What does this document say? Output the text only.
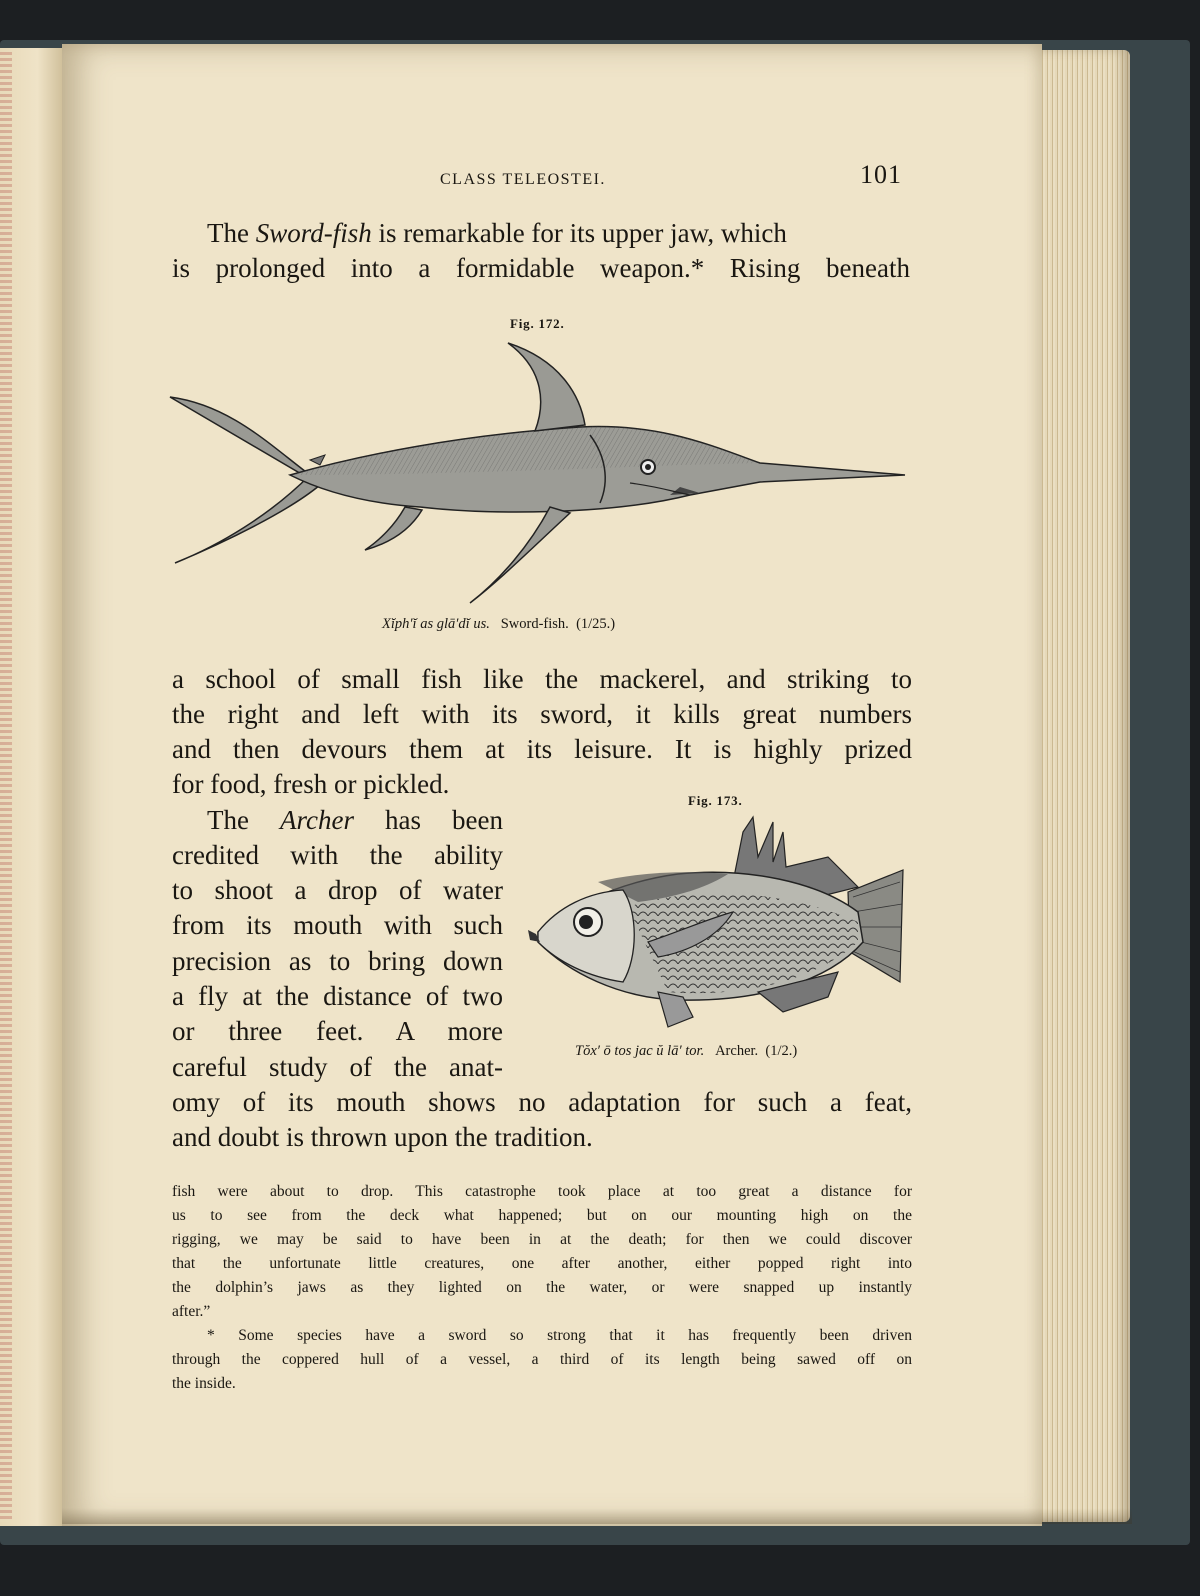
CLASS TELEOSTEI.	101
The Sword-fish is remarkable for its upper jaw, which
is prolonged into a formidable weapon.* Rising beneath
Fig. 172.
Xĭph′ĭ as glā′dĭ us. Sword-fish. (1/25.)
a school of small fish like the mackerel, and striking to
the right and left with its sword, it kills great numbers
and then devours them at its leisure. It is highly prized
for food, fresh or pickled.
The Archer has been
credited with the ability
to shoot a drop of water
from its mouth with such
precision as to bring down
a fly at the distance of two
or three feet. A more
careful study of the anat-
omy of its mouth shows no adaptation for such a feat,
and doubt is thrown upon the tradition.
Fig. 173.
Tŏx′ ō tos jac ŭ lā′ tor. Archer. (1/2.)
fish were about to drop. This catastrophe took place at too great a distance for
us to see from the deck what happened; but on our mounting high on the
rigging, we may be said to have been in at the death; for then we could discover
that the unfortunate little creatures, one after another, either popped right into
the dolphin’s jaws as they lighted on the water, or were snapped up instantly
after.”
* Some species have a sword so strong that it has frequently been driven
through the coppered hull of a vessel, a third of its length being sawed off on
the inside.
